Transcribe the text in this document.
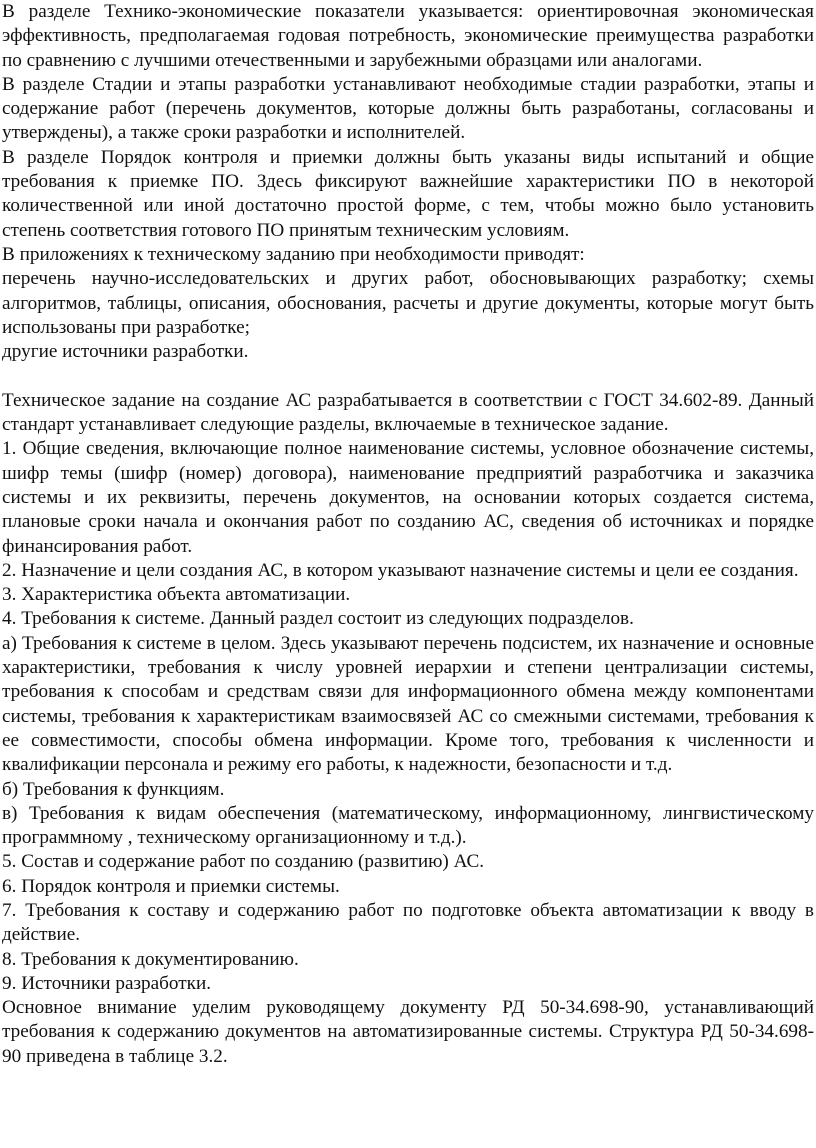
В разделе Технико-экономические показатели указывается: ориентировочная экономическая эффективность, предполагаемая годовая потребность, экономические преимущества разработки по сравнению с лучшими отечественными и зарубежными образцами или аналогами.

В разделе Стадии и этапы разработки устанавливают необходимые стадии разработки, этапы и содержание работ (перечень документов, которые должны быть разработаны, согласованы и утверждены), а также сроки разработки и исполнителей.

В разделе Порядок контроля и приемки должны быть указаны виды испытаний и общие требования к приемке ПО. Здесь фиксируют важнейшие характеристики ПО в некоторой количественной или иной достаточно простой форме, с тем, чтобы можно было установить степень соответствия готового ПО принятым техническим условиям.

В приложениях к техническому заданию при необходимости приводят:

перечень научно-исследовательских и других работ, обосновывающих разработку; схемы алгоритмов, таблицы, описания, обоснования, расчеты и другие документы, которые могут быть использованы при разработке;

другие источники разработки.

Техническое задание на создание АС разрабатывается в соответствии с ГОСТ 34.602-89. Данный стандарт устанавливает следующие разделы, включаемые в техническое задание.

1. Общие сведения, включающие полное наименование системы, условное обозначение системы, шифр темы (шифр (номер) договора), наименование предприятий разработчика и заказчика системы и их реквизиты, перечень документов, на основании которых создается система, плановые сроки начала и окончания работ по созданию АС, сведения об источниках и порядке финансирования работ.

2. Назначение и цели создания АС, в котором указывают назначение системы и цели ее создания.

3. Характеристика объекта автоматизации.

4. Требования к системе. Данный раздел состоит из следующих подразделов.

а) Требования к системе в целом. Здесь указывают перечень подсистем, их назначение и основные характеристики, требования к числу уровней иерархии и степени централизации системы, требования к способам и средствам связи для информационного обмена между компонентами системы, требования к характеристикам взаимосвязей АС со смежными системами, требования к ее совместимости, способы обмена информации. Кроме того, требования к численности и квалификации персонала и режиму его работы, к надежности, безопасности и т.д.

б) Требования к функциям.

в) Требования к видам обеспечения (математическому, информационному, лингвистическому программному , техническому организационному и т.д.).

5. Состав и содержание работ по созданию (развитию) АС.

6. Порядок контроля и приемки системы.

7. Требования к составу и содержанию работ по подготовке объекта автоматизации к вводу в действие.

8. Требования к документированию.

9. Источники разработки.

Основное внимание уделим руководящему документу РД 50-34.698-90, устанавливающий требования к содержанию документов на автоматизированные системы. Структура РД 50-34.698-90 приведена в таблице 3.2.
